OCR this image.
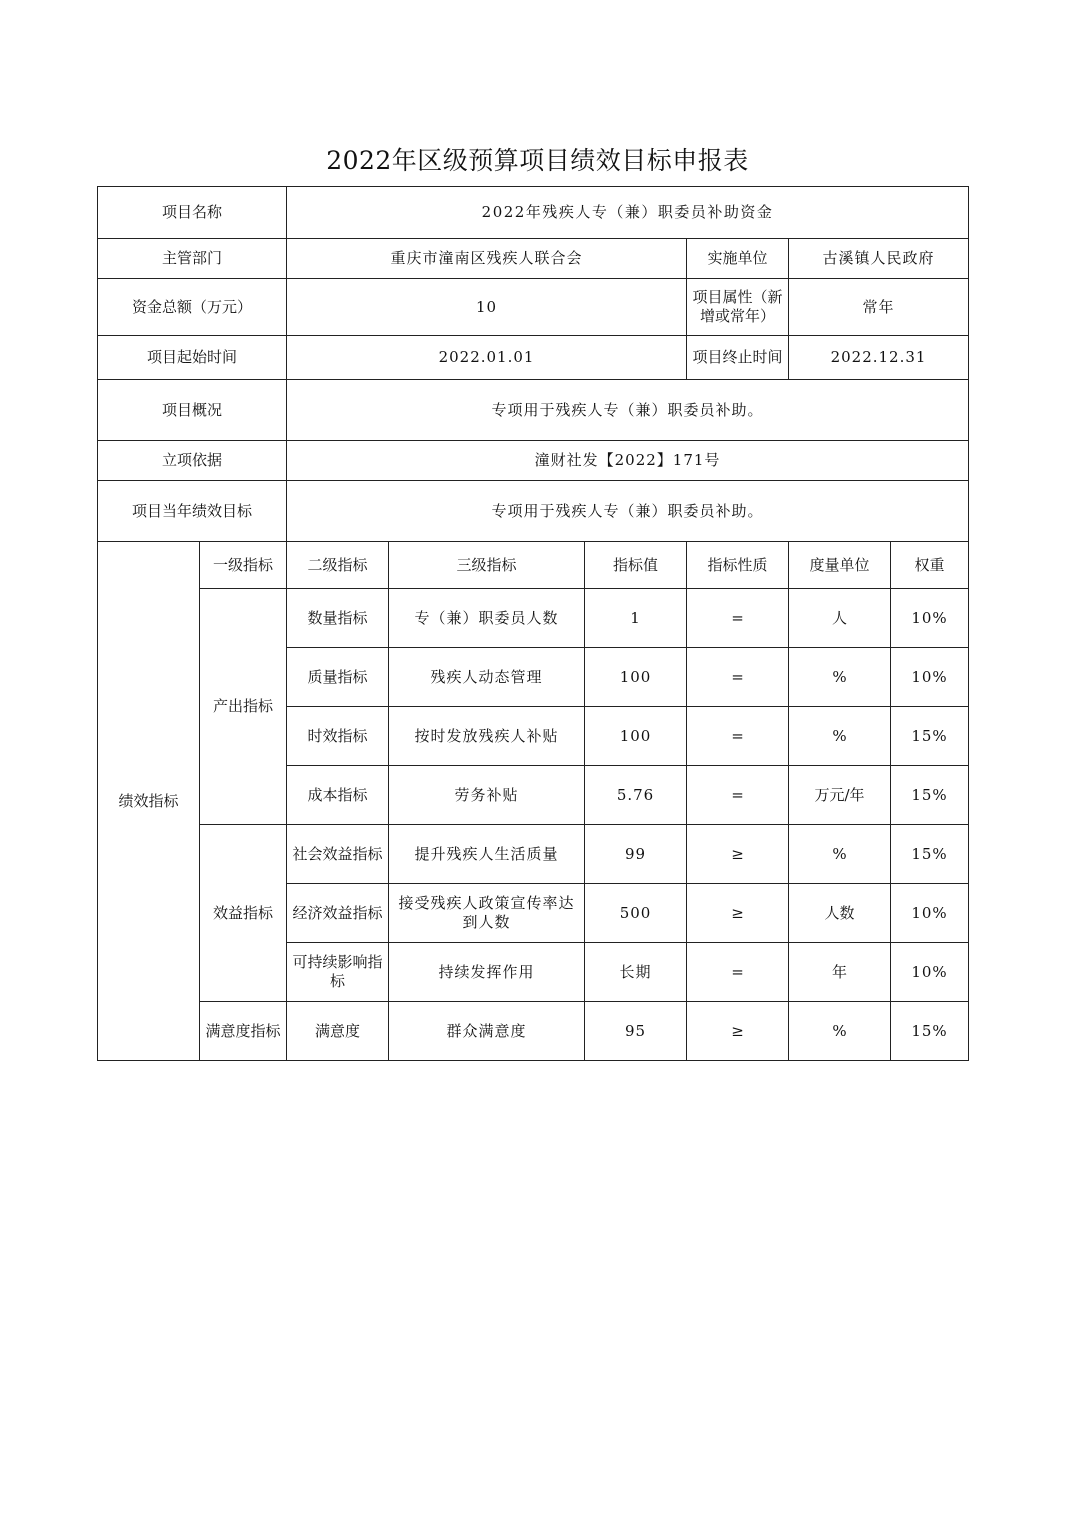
2022年区级预算项目绩效目标申报表
项目名称		2022年残疾人专（兼）职委员补助资金					
主管部门		重庆市潼南区残疾人联合会			实施单位	古溪镇人民政府	
资金总额（万元）		10			项目属性（新增或常年）	常年	
项目起始时间		2022.01.01			项目终止时间	2022.12.31	
项目概况		专项用于残疾人专（兼）职委员补助。					
立项依据		潼财社发【2022】171号					
项目当年绩效目标		专项用于残疾人专（兼）职委员补助。					
绩效指标	一级指标	二级指标	三级指标	指标值	指标性质	度量单位	权重
	产出指标	数量指标	专（兼）职委员人数	1	=	人	10%
		质量指标	残疾人动态管理	100	=	%	10%
		时效指标	按时发放残疾人补贴	100	=	%	15%
		成本指标	劳务补贴	5.76	=	万元/年	15%
	效益指标	社会效益指标	提升残疾人生活质量	99	≥	%	15%
		经济效益指标	接受残疾人政策宣传率达到人数	500	≥	人数	10%
		可持续影响指标	持续发挥作用	长期	=	年	10%
	满意度指标	满意度	群众满意度	95	≥	%	15%
